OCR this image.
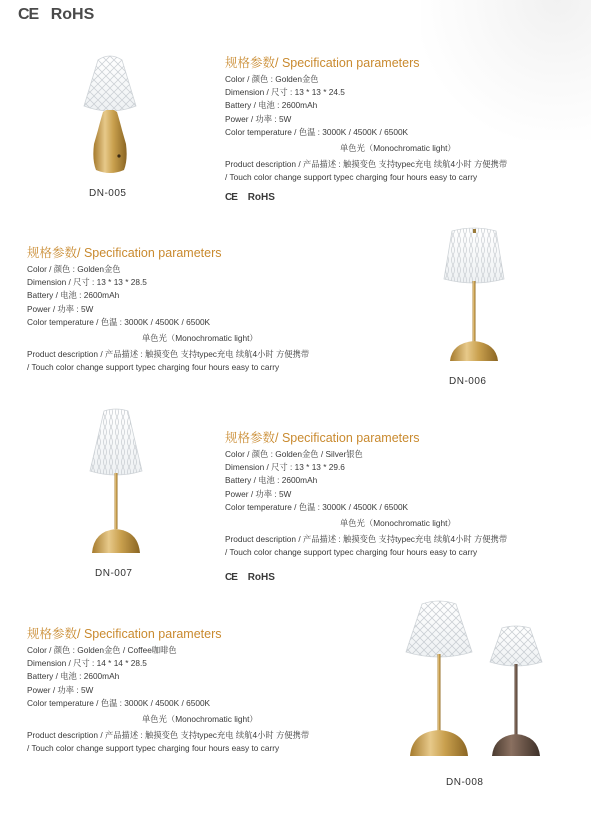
CE RoHS
DN-005
规格参数/ Specification parameters
Color / 颜色 : Golden金色
Dimension / 尺寸 : 13 * 13 * 24.5
Battery / 电池 : 2600mAh
Power / 功率 : 5W
Color temperature / 色温 : 3000K / 4500K / 6500K
单色光（Monochromatic light）
Product description / 产品描述 : 触摸变色 支持typec充电 续航4小时 方便携带
/ Touch color change support typec charging four hours easy to carry
CE RoHS
规格参数/ Specification parameters
Color / 颜色 : Golden金色
Dimension / 尺寸 : 13 * 13 * 28.5
Battery / 电池 : 2600mAh
Power / 功率 : 5W
Color temperature / 色温 : 3000K / 4500K / 6500K
单色光（Monochromatic light）
Product description / 产品描述 : 触摸变色 支持typec充电 续航4小时 方便携带
/ Touch color change support typec charging four hours easy to carry
DN-006
DN-007
规格参数/ Specification parameters
Color / 颜色 : Golden金色 / Silver银色
Dimension / 尺寸 : 13 * 13 * 29.6
Battery / 电池 : 2600mAh
Power / 功率 : 5W
Color temperature / 色温 : 3000K / 4500K / 6500K
单色光（Monochromatic light）
Product description / 产品描述 : 触摸变色 支持typec充电 续航4小时 方便携带
/ Touch color change support typec charging four hours easy to carry
CE RoHS
规格参数/ Specification parameters
Color / 颜色 : Golden金色 / Coffee咖啡色
Dimension / 尺寸 : 14 * 14 * 28.5
Battery / 电池 : 2600mAh
Power / 功率 : 5W
Color temperature / 色温 : 3000K / 4500K / 6500K
单色光（Monochromatic light）
Product description / 产品描述 : 触摸变色 支持typec充电 续航4小时 方便携带
/ Touch color change support typec charging four hours easy to carry
DN-008
